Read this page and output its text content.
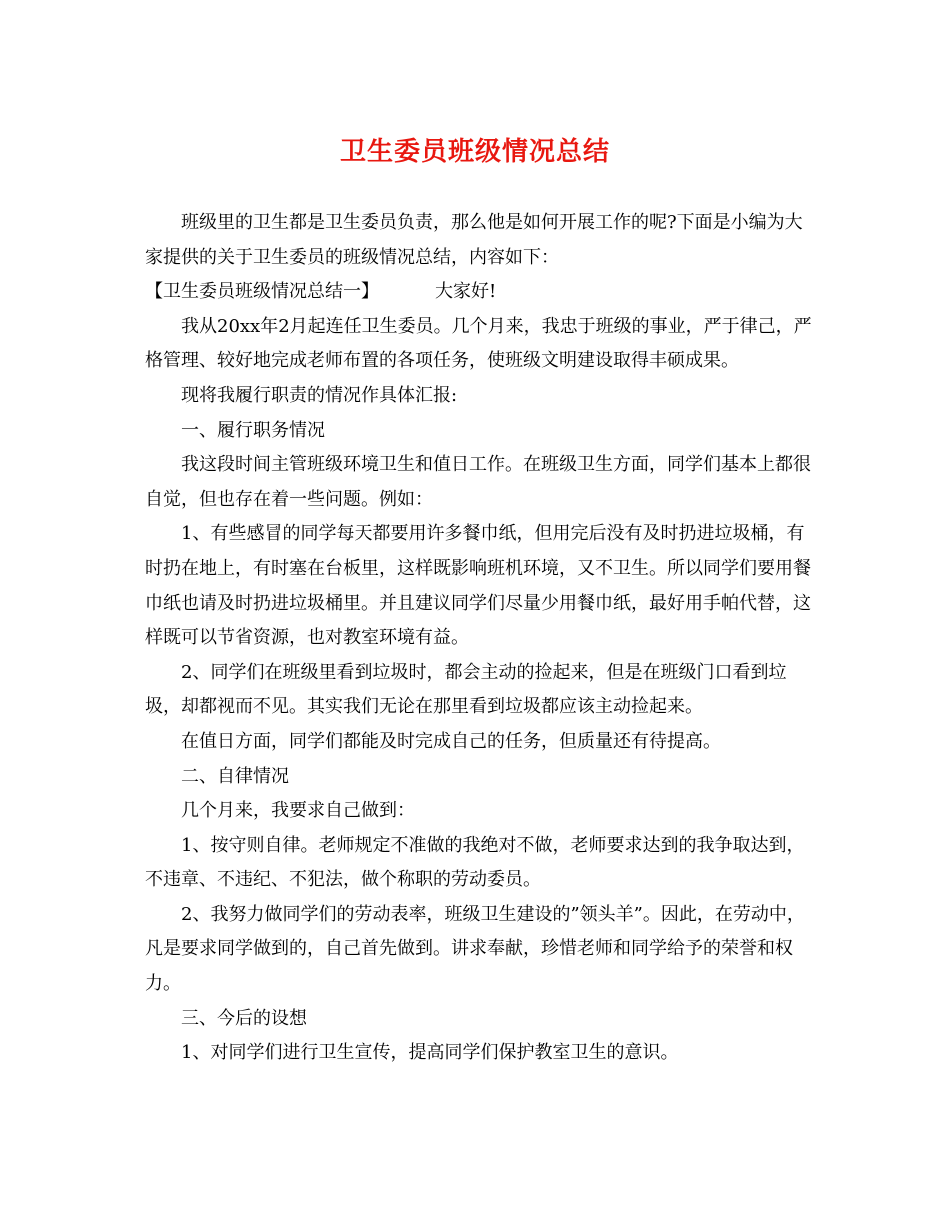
卫生委员班级情况总结

班级里的卫生都是卫生委员负责，那么他是如何开展工作的呢?下面是小编为大家提供的关于卫生委员的班级情况总结，内容如下：

【卫生委员班级情况总结一】	大家好!

我从20xx年2月起连任卫生委员。几个月来，我忠于班级的事业，严于律己，严格管理、较好地完成老师布置的各项任务，使班级文明建设取得丰硕成果。

现将我履行职责的情况作具体汇报:

一、履行职务情况

我这段时间主管班级环境卫生和值日工作。在班级卫生方面，同学们基本上都很自觉，但也存在着一些问题。例如：

1、有些感冒的同学每天都要用许多餐巾纸，但用完后没有及时扔进垃圾桶，有时扔在地上，有时塞在台板里，这样既影响班机环境，又不卫生。所以同学们要用餐巾纸也请及时扔进垃圾桶里。并且建议同学们尽量少用餐巾纸，最好用手帕代替，这样既可以节省资源，也对教室环境有益。

2、同学们在班级里看到垃圾时，都会主动的捡起来，但是在班级门口看到垃圾，却都视而不见。其实我们无论在那里看到垃圾都应该主动捡起来。

在值日方面，同学们都能及时完成自己的任务，但质量还有待提高。

二、自律情况

几个月来，我要求自己做到：

1、按守则自律。老师规定不准做的我绝对不做，老师要求达到的我争取达到，不违章、不违纪、不犯法，做个称职的劳动委员。

2、我努力做同学们的劳动表率，班级卫生建设的”领头羊”。因此，在劳动中，凡是要求同学做到的，自己首先做到。讲求奉献，珍惜老师和同学给予的荣誉和权力。

三、今后的设想

1、对同学们进行卫生宣传，提高同学们保护教室卫生的意识。
